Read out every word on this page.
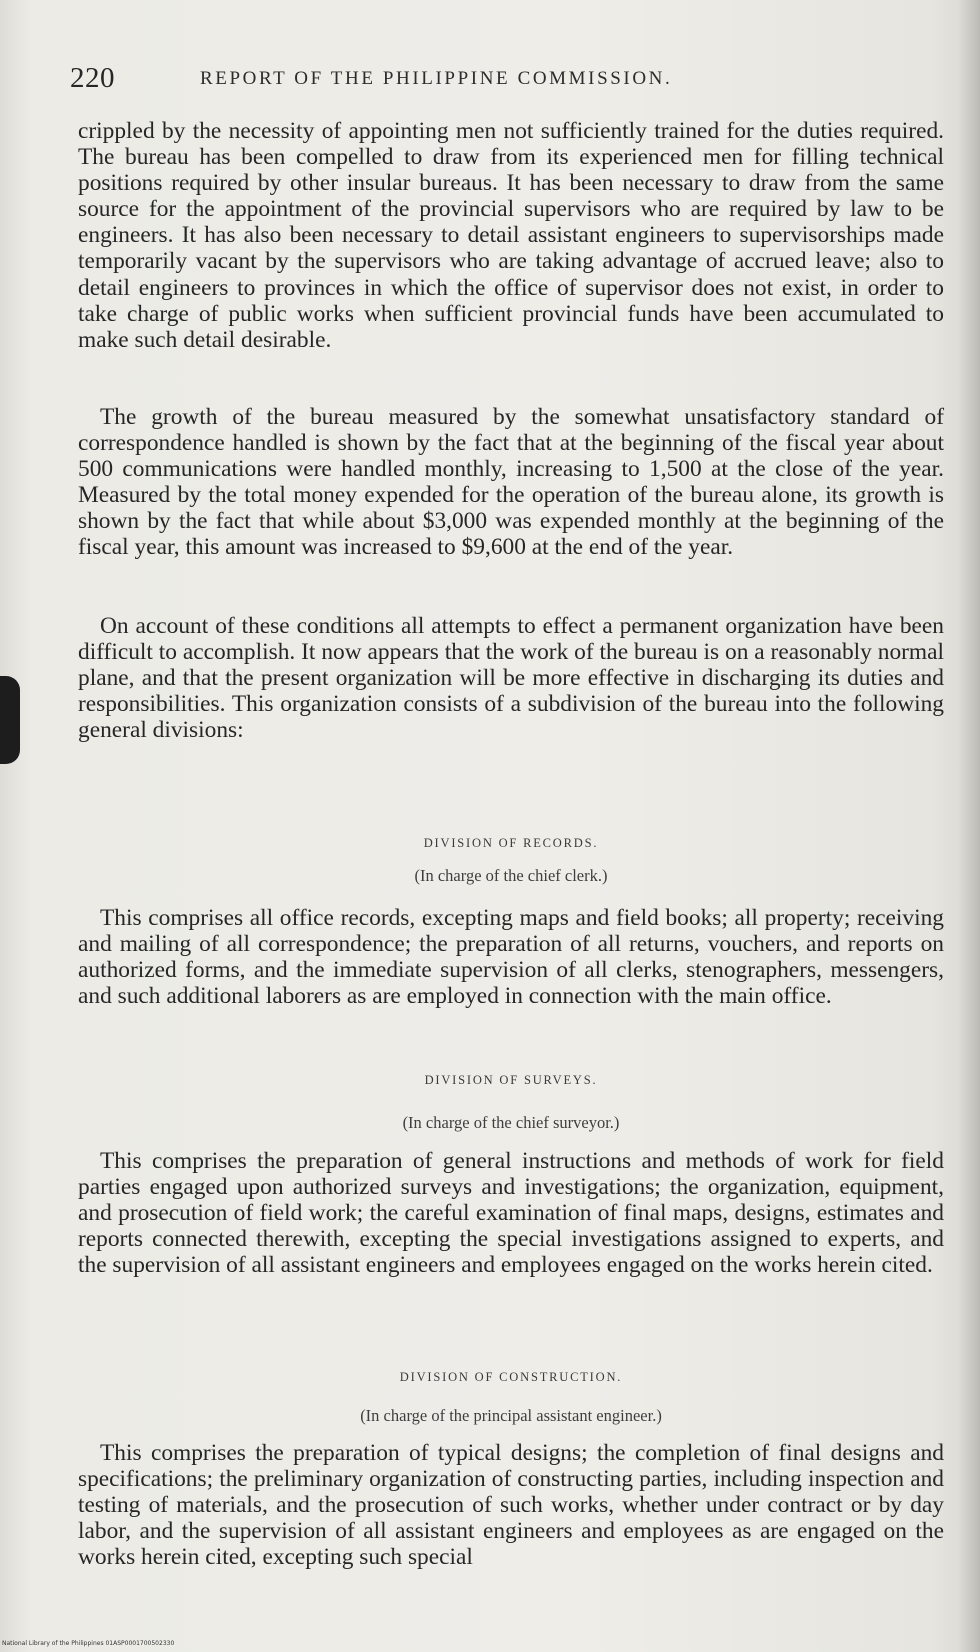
220	REPORT OF THE PHILIPPINE COMMISSION.

crippled by the necessity of appointing men not sufficiently trained for the duties required. The bureau has been compelled to draw from its experienced men for filling technical positions required by other insular bureaus. It has been necessary to draw from the same source for the appointment of the provincial supervisors who are required by law to be engineers. It has also been necessary to detail assistant engineers to supervisorships made temporarily vacant by the supervisors who are taking advantage of accrued leave; also to detail engineers to provinces in which the office of supervisor does not exist, in order to take charge of public works when sufficient provincial funds have been accumulated to make such detail desirable.

The growth of the bureau measured by the somewhat unsatisfactory standard of correspondence handled is shown by the fact that at the beginning of the fiscal year about 500 communications were handled monthly, increasing to 1,500 at the close of the year. Measured by the total money expended for the operation of the bureau alone, its growth is shown by the fact that while about $3,000 was expended monthly at the beginning of the fiscal year, this amount was increased to $9,600 at the end of the year.

On account of these conditions all attempts to effect a permanent organization have been difficult to accomplish. It now appears that the work of the bureau is on a reasonably normal plane, and that the present organization will be more effective in discharging its duties and responsibilities. This organization consists of a subdivision of the bureau into the following general divisions:

DIVISION OF RECORDS.

(In charge of the chief clerk.)

This comprises all office records, excepting maps and field books; all property; receiving and mailing of all correspondence; the preparation of all returns, vouchers, and reports on authorized forms, and the immediate supervision of all clerks, stenographers, messengers, and such additional laborers as are employed in connection with the main office.

DIVISION OF SURVEYS.

(In charge of the chief surveyor.)

This comprises the preparation of general instructions and methods of work for field parties engaged upon authorized surveys and investigations; the organization, equipment, and prosecution of field work; the careful examination of final maps, designs, estimates and reports connected therewith, excepting the special investigations assigned to experts, and the supervision of all assistant engineers and employees engaged on the works herein cited.

DIVISION OF CONSTRUCTION.

(In charge of the principal assistant engineer.)

This comprises the preparation of typical designs; the completion of final designs and specifications; the preliminary organization of constructing parties, including inspection and testing of materials, and the prosecution of such works, whether under contract or by day labor, and the supervision of all assistant engineers and employees as are engaged on the works herein cited, excepting such special

National Library of the Philippines 01ASP0001700502330
